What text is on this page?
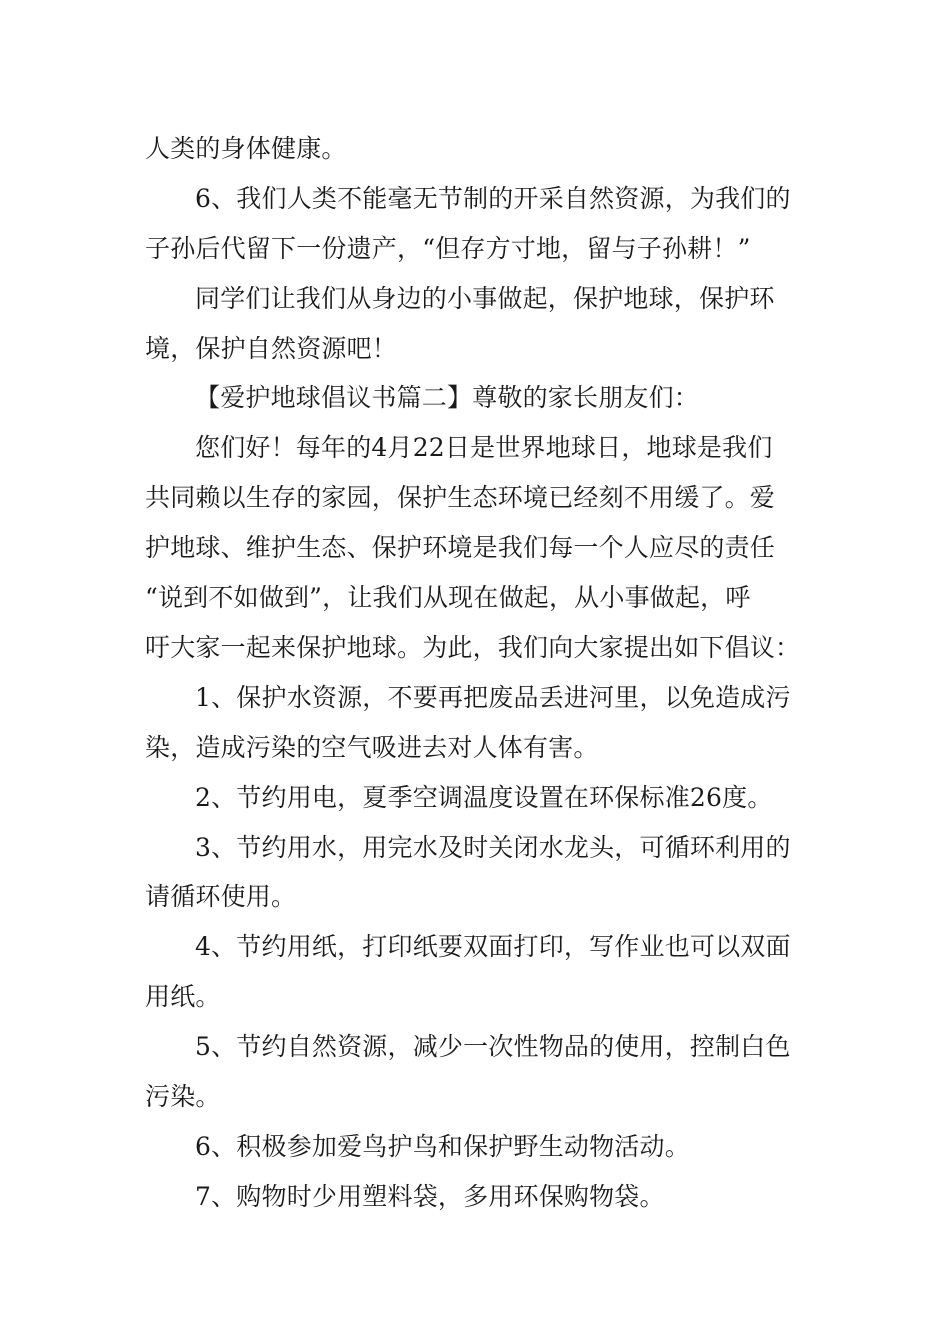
人类的身体健康。
6、我们人类不能毫无节制的开采自然资源，为我们的
子孙后代留下一份遗产，“但存方寸地，留与子孙耕！”
同学们让我们从身边的小事做起，保护地球，保护环
境，保护自然资源吧！
【爱护地球倡议书篇二】尊敬的家长朋友们：
您们好！每年的4月22日是世界地球日，地球是我们
共同赖以生存的家园，保护生态环境已经刻不用缓了。爱
护地球、维护生态、保护环境是我们每一个人应尽的责任
“说到不如做到”，让我们从现在做起，从小事做起，呼
吁大家一起来保护地球。为此，我们向大家提出如下倡议：
1、保护水资源，不要再把废品丢进河里，以免造成污
染，造成污染的空气吸进去对人体有害。
2、节约用电，夏季空调温度设置在环保标准26度。
3、节约用水，用完水及时关闭水龙头，可循环利用的
请循环使用。
4、节约用纸，打印纸要双面打印，写作业也可以双面
用纸。
5、节约自然资源，减少一次性物品的使用，控制白色
污染。
6、积极参加爱鸟护鸟和保护野生动物活动。
7、购物时少用塑料袋，多用环保购物袋。
